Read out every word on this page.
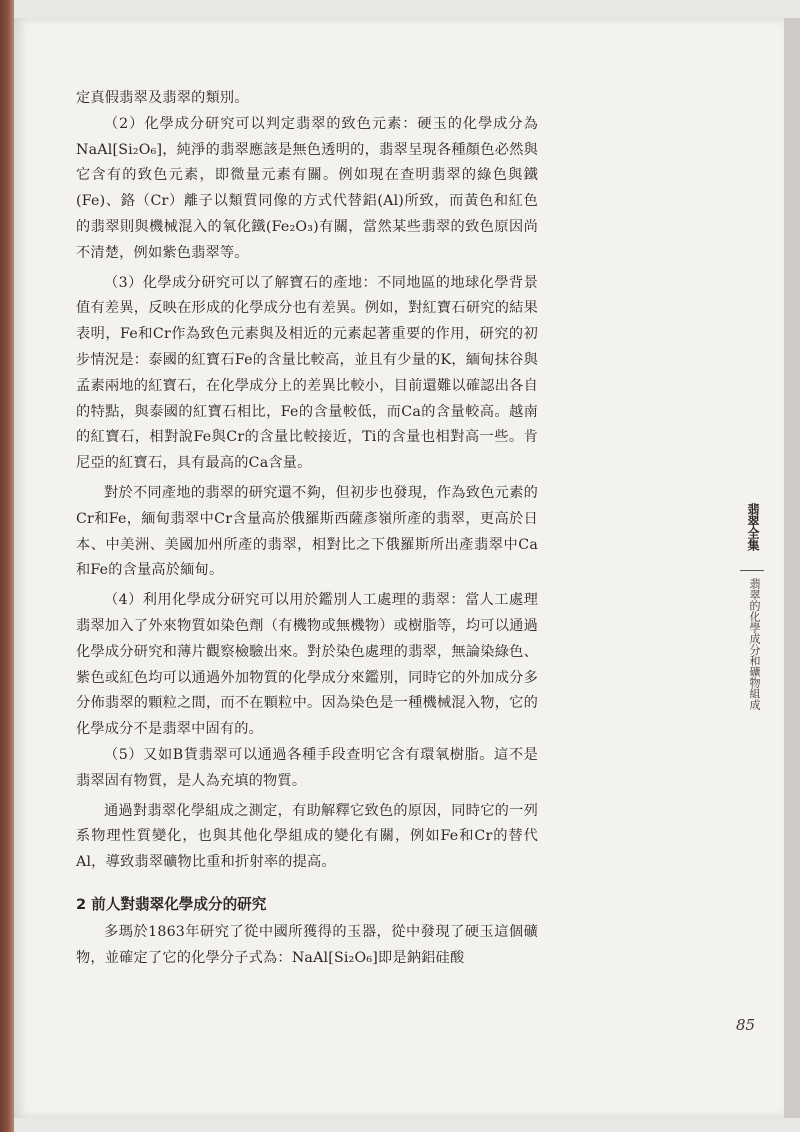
定真假翡翠及翡翠的類別。

（2）化學成分研究可以判定翡翠的致色元素：硬玉的化學成分為NaAl[Si₂O₆]，純淨的翡翠應該是無色透明的，翡翠呈現各種顏色必然與它含有的致色元素，即微量元素有關。例如現在查明翡翠的綠色與鐵(Fe)、鉻（Cr）離子以類質同像的方式代替鋁(Al)所致，而黃色和紅色的翡翠則與機械混入的氧化鐵(Fe₂O₃)有關，當然某些翡翠的致色原因尚不清楚，例如紫色翡翠等。

（3）化學成分研究可以了解寶石的產地：不同地區的地球化學背景值有差異，反映在形成的化學成分也有差異。例如，對紅寶石研究的結果表明，Fe和Cr作為致色元素與及相近的元素起著重要的作用，研究的初步情況是：泰國的紅寶石Fe的含量比較高，並且有少量的K，緬甸抹谷與孟素兩地的紅寶石，在化學成分上的差異比較小，目前還難以確認出各自的特點，與泰國的紅寶石相比，Fe的含量較低，而Ca的含量較高。越南的紅寶石，相對說Fe與Cr的含量比較接近，Ti的含量也相對高一些。肯尼亞的紅寶石，具有最高的Ca含量。

對於不同產地的翡翠的研究還不夠，但初步也發現，作為致色元素的Cr和Fe，緬甸翡翠中Cr含量高於俄羅斯西薩彥嶺所產的翡翠，更高於日本、中美洲、美國加州所產的翡翠，相對比之下俄羅斯所出產翡翠中Ca和Fe的含量高於緬甸。

（4）利用化學成分研究可以用於鑑別人工處理的翡翠：當人工處理翡翠加入了外來物質如染色劑（有機物或無機物）或樹脂等，均可以通過化學成分研究和薄片觀察檢驗出來。對於染色處理的翡翠，無論染綠色、紫色或紅色均可以通過外加物質的化學成分來鑑別，同時它的外加成分多分佈翡翠的顆粒之間，而不在顆粒中。因為染色是一種機械混入物，它的化學成分不是翡翠中固有的。

（5）又如B貨翡翠可以通過各種手段查明它含有環氧樹脂。這不是翡翠固有物質，是人為充填的物質。

通過對翡翠化學組成之測定，有助解釋它致色的原因，同時它的一列系物理性質變化，也與其他化學組成的變化有關，例如Fe和Cr的替代Al，導致翡翠礦物比重和折射率的提高。

2 前人對翡翠化學成分的研究

多瑪於1863年研究了從中國所獲得的玉器，從中發現了硬玉這個礦物，並確定了它的化學分子式為：NaAl[Si₂O₆]即是鈉鋁硅酸

翡翠全集
翡翠的化學成分和礦物組成
85
